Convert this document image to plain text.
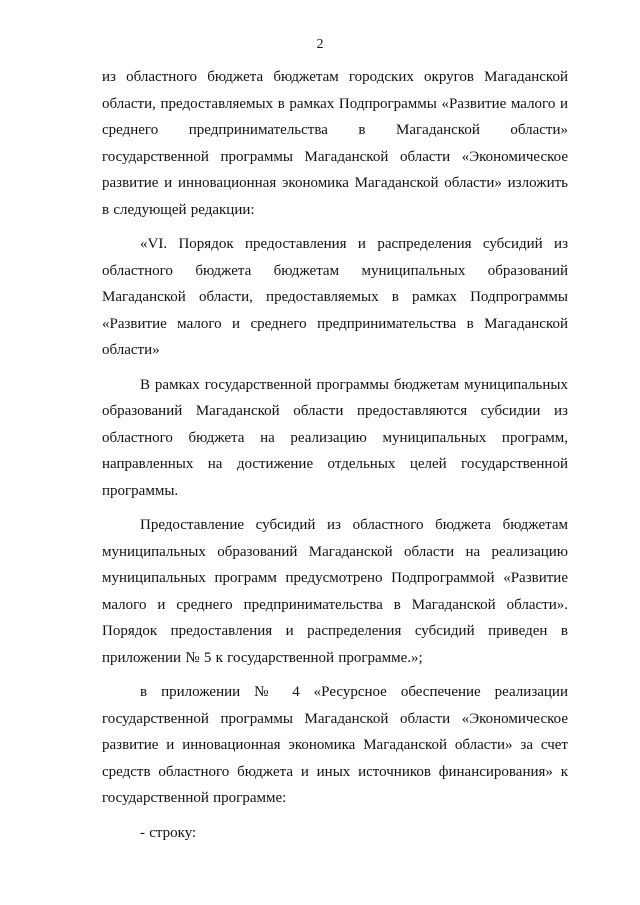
2

из областного бюджета бюджетам городских округов Магаданской области, предоставляемых в рамках Подпрограммы «Развитие малого и среднего предпринимательства в Магаданской области» государственной программы Магаданской области «Экономическое развитие и инновационная экономика Магаданской области» изложить в следующей редакции:

«VI. Порядок предоставления и распределения субсидий из областного бюджета бюджетам муниципальных образований Магаданской области, предоставляемых в рамках Подпрограммы «Развитие малого и среднего предпринимательства в Магаданской области»

В рамках государственной программы бюджетам муниципальных образований Магаданской области предоставляются субсидии из областного бюджета на реализацию муниципальных программ, направленных на достижение отдельных целей государственной программы.

Предоставление субсидий из областного бюджета бюджетам муниципальных образований Магаданской области на реализацию муниципальных программ предусмотрено Подпрограммой «Развитие малого и среднего предпринимательства в Магаданской области». Порядок предоставления и распределения субсидий приведен в приложении № 5 к государственной программе.»;

в приложении № 4 «Ресурсное обеспечение реализации государственной программы Магаданской области «Экономическое развитие и инновационная экономика Магаданской области» за счет средств областного бюджета и иных источников финансирования» к государственной программе:

- строку:
